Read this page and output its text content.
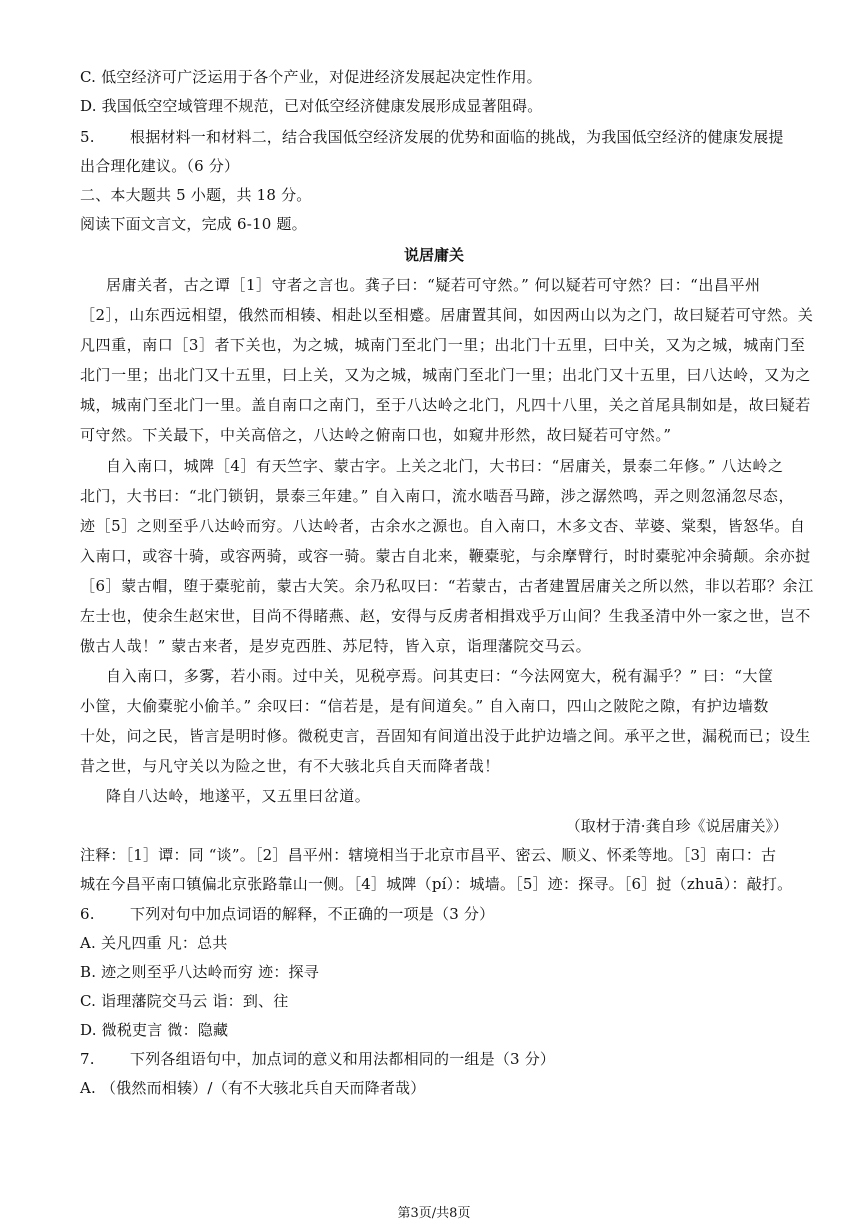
C. 低空经济可广泛运用于各个产业，对促进经济发展起决定性作用。
D. 我国低空空域管理不规范，已对低空经济健康发展形成显著阻碍。
5. 根据材料一和材料二，结合我国低空经济发展的优势和面临的挑战，为我国低空经济的健康发展提
出合理化建议。（6 分）
二、本大题共 5 小题，共 18 分。
阅读下面文言文，完成 6-10 题。
说居庸关
居庸关者，古之谭［1］守者之言也。龚子曰：“疑若可守然。” 何以疑若可守然？曰：“出昌平州
［2］，山东西远相望，俄然而相辏、相赴以至相蹙。居庸置其间，如因两山以为之门，故曰疑若可守然。关
凡四重，南口［3］者下关也，为之城，城南门至北门一里；出北门十五里，曰中关，又为之城，城南门至
北门一里；出北门又十五里，曰上关，又为之城，城南门至北门一里；出北门又十五里，曰八达岭，又为之
城，城南门至北门一里。盖自南口之南门，至于八达岭之北门，凡四十八里，关之首尾具制如是，故曰疑若
可守然。下关最下，中关高倍之，八达岭之俯南口也，如窥井形然，故曰疑若可守然。”
自入南口，城陴［4］有天竺字、蒙古字。上关之北门，大书曰：“居庸关，景泰二年修。” 八达岭之
北门，大书曰：“北门锁钥，景泰三年建。” 自入南口，流水啮吾马蹄，涉之潺然鸣，弄之则忽涌忽尽态，
迹［5］之则至乎八达岭而穷。八达岭者，古余水之源也。自入南口，木多文杏、苹婆、棠梨，皆怒华。自
入南口，或容十骑，或容两骑，或容一骑。蒙古自北来，鞭橐驼，与余摩臂行，时时橐驼冲余骑颠。余亦挝
［6］蒙古帽，堕于橐驼前，蒙古大笑。余乃私叹曰：“若蒙古，古者建置居庸关之所以然，非以若耶？余江
左士也，使余生赵宋世，目尚不得睹燕、赵，安得与反虏者相揖戏乎万山间？生我圣清中外一家之世，岂不
傲古人哉！” 蒙古来者，是岁克西胜、苏尼特，皆入京，诣理藩院交马云。
自入南口，多雾，若小雨。过中关，见税亭焉。问其吏曰：“今法网宽大，税有漏乎？” 曰：“大筐
小筐，大偷橐驼小偷羊。” 余叹曰：“信若是，是有间道矣。” 自入南口，四山之陂陀之隙，有护边墙数
十处，问之民，皆言是明时修。微税吏言，吾固知有间道出没于此护边墙之间。承平之世，漏税而已；设生
昔之世，与凡守关以为险之世，有不大骇北兵自天而降者哉！
降自八达岭，地遂平，又五里曰岔道。
（取材于清·龚自珍《说居庸关》）
注释：［1］谭：同 “谈”。［2］昌平州：辖境相当于北京市昌平、密云、顺义、怀柔等地。［3］南口：古
城在今昌平南口镇偏北京张路靠山一侧。［4］城陴（pí）：城墙。［5］迹：探寻。［6］挝（zhuā）：敲打。
6. 下列对句中加点词语的解释，不正确的一项是（3 分）
A. 关凡四重 凡：总共
B. 迹之则至乎八达岭而穷 迹：探寻
C. 诣理藩院交马云 诣：到、往
D. 微税吏言 微：隐藏
7. 下列各组语句中，加点词的意义和用法都相同的一组是（3 分）
A. （俄然而相辏）/（有不大骇北兵自天而降者哉）
第3页/共8页
